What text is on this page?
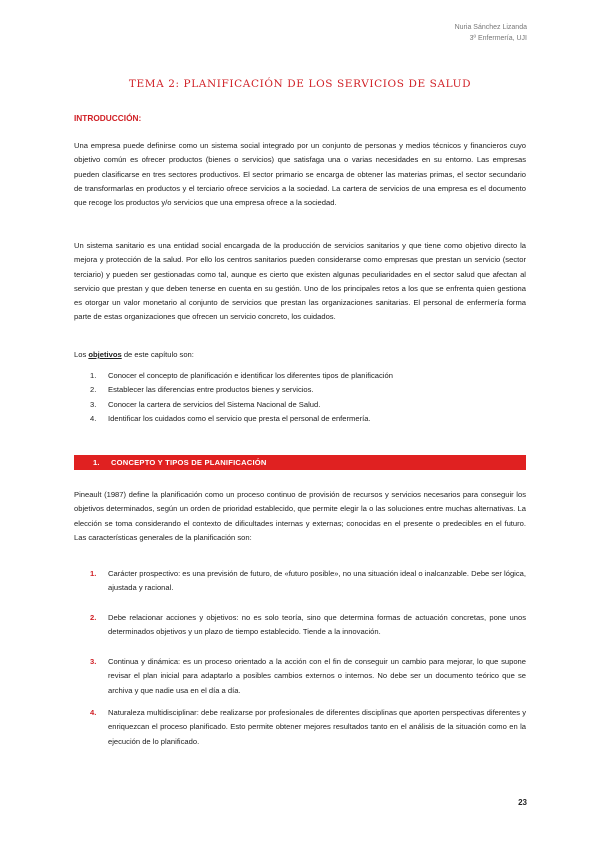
Nuria Sánchez Lizanda
3º Enfermería, UJI
TEMA 2: PLANIFICACIÓN DE LOS SERVICIOS DE SALUD
INTRODUCCIÓN:
Una empresa puede definirse como un sistema social integrado por un conjunto de personas y medios técnicos y financieros cuyo objetivo común es ofrecer productos (bienes o servicios) que satisfaga una o varias necesidades en su entorno. Las empresas pueden clasificarse en tres sectores productivos. El sector primario se encarga de obtener las materias primas, el sector secundario de transformarlas en productos y el terciario ofrece servicios a la sociedad. La cartera de servicios de una empresa es el documento que recoge los productos y/o servicios que una empresa ofrece a la sociedad.
Un sistema sanitario es una entidad social encargada de la producción de servicios sanitarios y que tiene como objetivo directo la mejora y protección de la salud. Por ello los centros sanitarios pueden considerarse como empresas que prestan un servicio (sector terciario) y pueden ser gestionadas como tal, aunque es cierto que existen algunas peculiaridades en el sector salud que afectan al servicio que prestan y que deben tenerse en cuenta en su gestión. Uno de los principales retos a los que se enfrenta quien gestiona es otorgar un valor monetario al conjunto de servicios que prestan las organizaciones sanitarias. El personal de enfermería forma parte de estas organizaciones que ofrecen un servicio concreto, los cuidados.
Los objetivos de este capítulo son:
1. Conocer el concepto de planificación e identificar los diferentes tipos de planificación
2. Establecer las diferencias entre productos bienes y servicios.
3. Conocer la cartera de servicios del Sistema Nacional de Salud.
4. Identificar los cuidados como el servicio que presta el personal de enfermería.
1. CONCEPTO Y TIPOS DE PLANIFICACIÓN
Pineault (1987) define la planificación como un proceso continuo de provisión de recursos y servicios necesarios para conseguir los objetivos determinados, según un orden de prioridad establecido, que permite elegir la o las soluciones entre muchas alternativas. La elección se toma considerando el contexto de dificultades internas y externas; conocidas en el presente o predecibles en el futuro. Las características generales de la planificación son:
1. Carácter prospectivo: es una previsión de futuro, de «futuro posible», no una situación ideal o inalcanzable. Debe ser lógica, ajustada y racional.
2. Debe relacionar acciones y objetivos: no es solo teoría, sino que determina formas de actuación concretas, pone unos determinados objetivos y un plazo de tiempo establecido. Tiende a la innovación.
3. Continua y dinámica: es un proceso orientado a la acción con el fin de conseguir un cambio para mejorar, lo que supone revisar el plan inicial para adaptarlo a posibles cambios externos o internos. No debe ser un documento teórico que se archiva y que nadie usa en el día a día.
4. Naturaleza multidisciplinar: debe realizarse por profesionales de diferentes disciplinas que aporten perspectivas diferentes y enriquezcan el proceso planificado. Esto permite obtener mejores resultados tanto en el análisis de la situación como en la ejecución de lo planificado.
23
